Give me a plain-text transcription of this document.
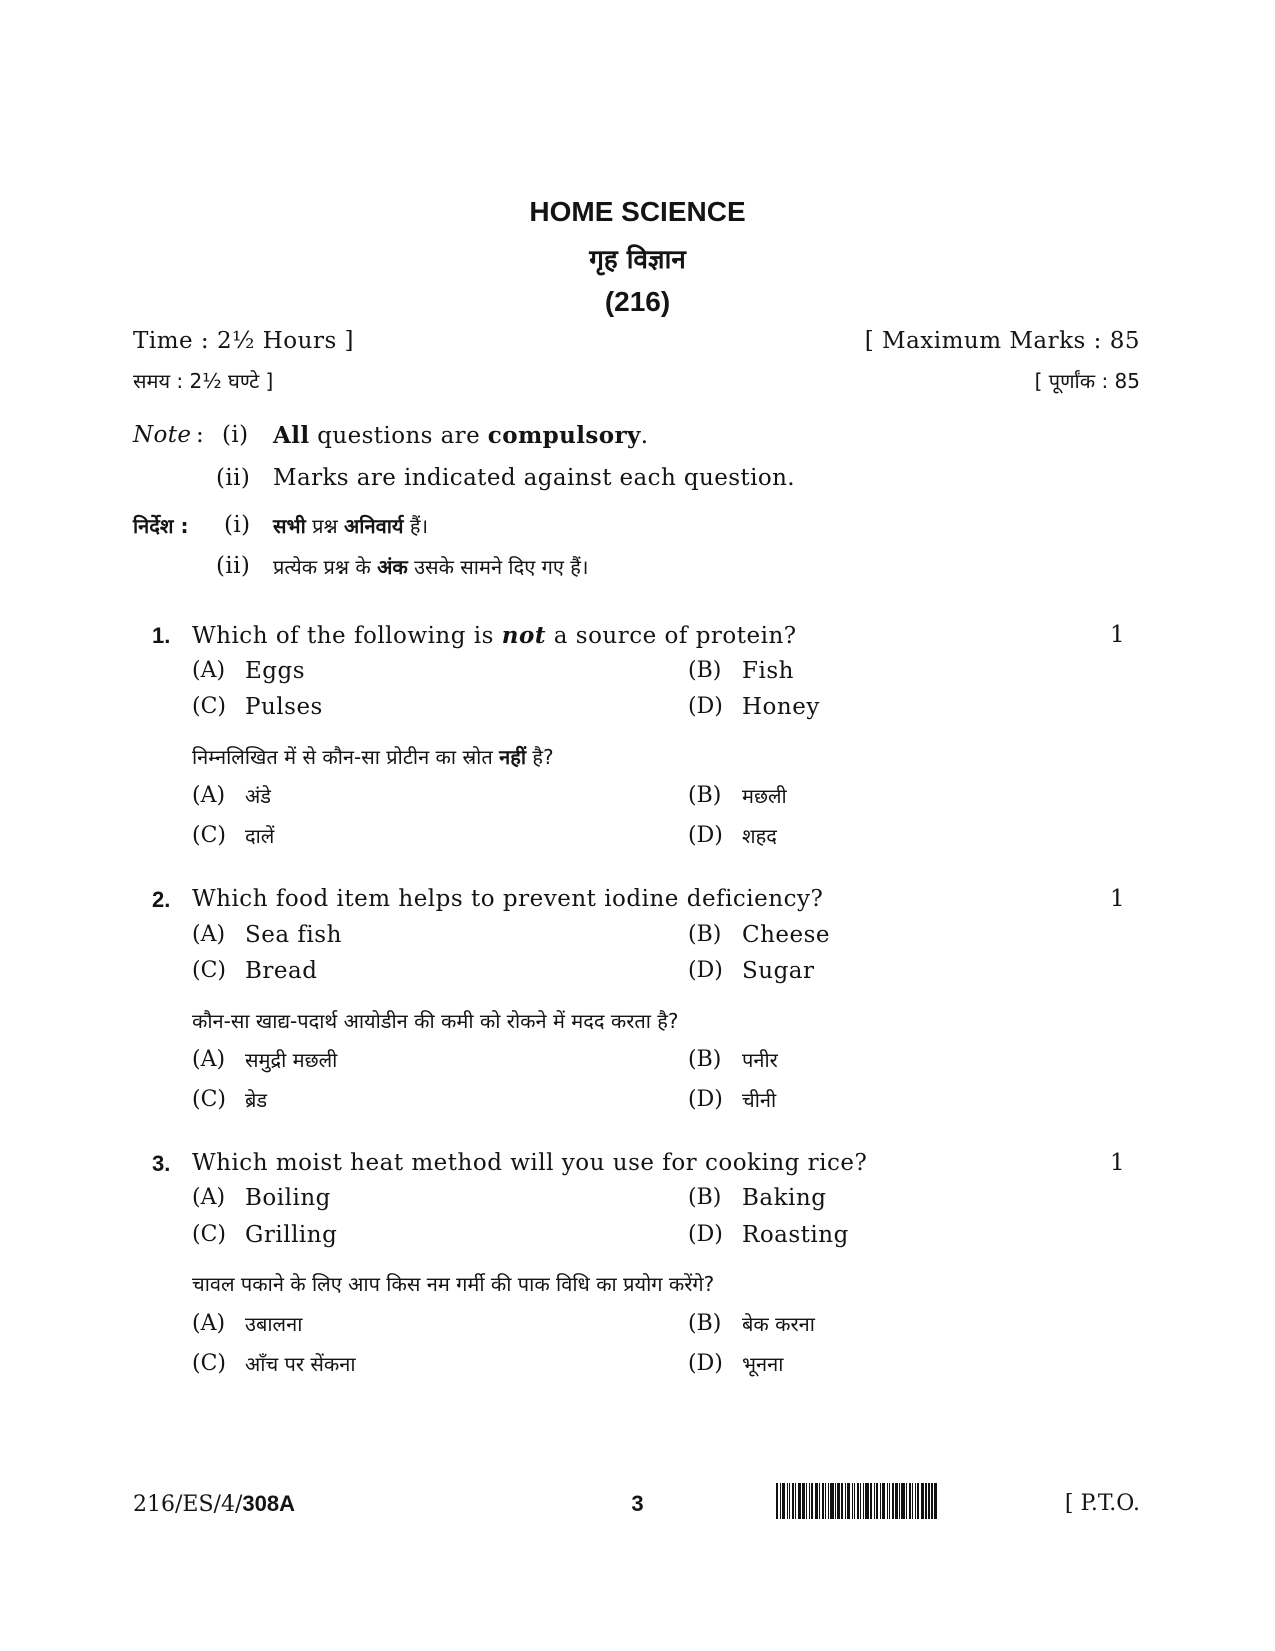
HOME SCIENCE
गृह विज्ञान
(216)
Time : 2½ Hours ]	[ Maximum Marks : 85
समय : 2½ घण्टे ]	[ पूर्णांक : 85
Note : (i) All questions are compulsory.
(ii) Marks are indicated against each question.
निर्देश : (i) सभी प्रश्न अनिवार्य हैं।
(ii) प्रत्येक प्रश्न के अंक उसके सामने दिए गए हैं।
1. Which of the following is not a source of protein?	1
(A) Eggs	(B) Fish
(C) Pulses	(D) Honey
निम्नलिखित में से कौन-सा प्रोटीन का स्रोत नहीं है?
(A) अंडे	(B) मछली
(C) दालें	(D) शहद
2. Which food item helps to prevent iodine deficiency?	1
(A) Sea fish	(B) Cheese
(C) Bread	(D) Sugar
कौन-सा खाद्य-पदार्थ आयोडीन की कमी को रोकने में मदद करता है?
(A) समुद्री मछली	(B) पनीर
(C) ब्रेड	(D) चीनी
3. Which moist heat method will you use for cooking rice?	1
(A) Boiling	(B) Baking
(C) Grilling	(D) Roasting
चावल पकाने के लिए आप किस नम गर्मी की पाक विधि का प्रयोग करेंगे?
(A) उबालना	(B) बेक करना
(C) आँच पर सेंकना	(D) भूनना
216/ES/4/308A	3	[ P.T.O.
